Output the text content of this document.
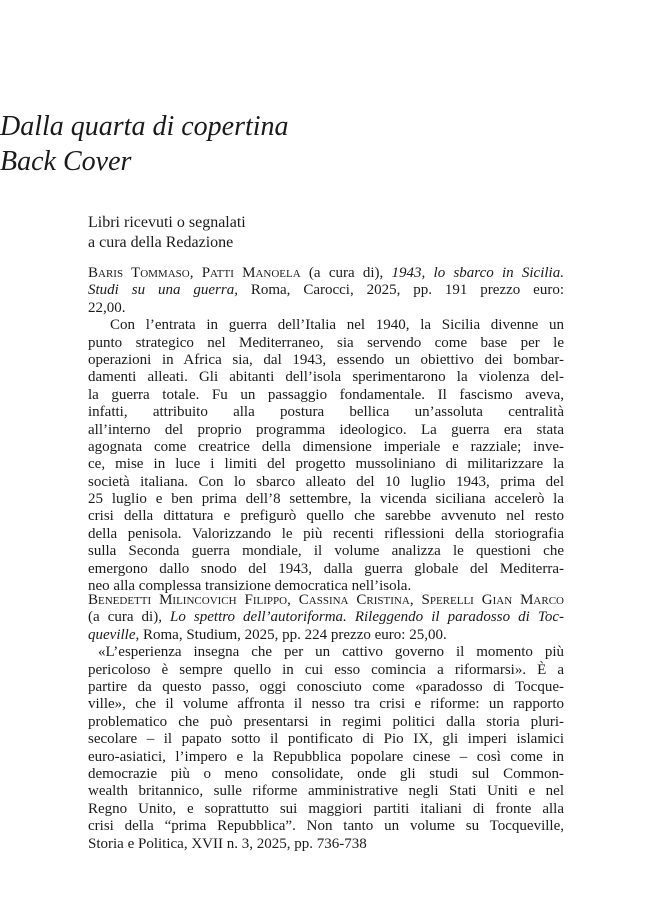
Dalla quarta di copertina
Back Cover
Libri ricevuti o segnalati
a cura della Redazione
Baris Tommaso, Patti Manoela (a cura di), 1943, lo sbarco in Sicilia.
Studi su una guerra, Roma, Carocci, 2025, pp. 191 prezzo euro:
22,00.
Con l’entrata in guerra dell’Italia nel 1940, la Sicilia divenne un
punto strategico nel Mediterraneo, sia servendo come base per le
operazioni in Africa sia, dal 1943, essendo un obiettivo dei bombar-
damenti alleati. Gli abitanti dell’isola sperimentarono la violenza del-
la guerra totale. Fu un passaggio fondamentale. Il fascismo aveva,
infatti, attribuito alla postura bellica un’assoluta centralità
all’interno del proprio programma ideologico. La guerra era stata
agognata come creatrice della dimensione imperiale e razziale; inve-
ce, mise in luce i limiti del progetto mussoliniano di militarizzare la
società italiana. Con lo sbarco alleato del 10 luglio 1943, prima del
25 luglio e ben prima dell’8 settembre, la vicenda siciliana accelerò la
crisi della dittatura e prefigurò quello che sarebbe avvenuto nel resto
della penisola. Valorizzando le più recenti riflessioni della storiografia
sulla Seconda guerra mondiale, il volume analizza le questioni che
emergono dallo snodo del 1943, dalla guerra globale del Mediterra-
neo alla complessa transizione democratica nell’isola.
Benedetti Milincovich Filippo, Cassina Cristina, Sperelli Gian Marco
(a cura di), Lo spettro dell’autoriforma. Rileggendo il paradosso di Toc-
queville, Roma, Studium, 2025, pp. 224 prezzo euro: 25,00.
«L’esperienza insegna che per un cattivo governo il momento più
pericoloso è sempre quello in cui esso comincia a riformarsi». È a
partire da questo passo, oggi conosciuto come «paradosso di Tocque-
ville», che il volume affronta il nesso tra crisi e riforme: un rapporto
problematico che può presentarsi in regimi politici dalla storia pluri-
secolare – il papato sotto il pontificato di Pio IX, gli imperi islamici
euro-asiatici, l’impero e la Repubblica popolare cinese – così come in
democrazie più o meno consolidate, onde gli studi sul Common-
wealth britannico, sulle riforme amministrative negli Stati Uniti e nel
Regno Unito, e soprattutto sui maggiori partiti italiani di fronte alla
crisi della “prima Repubblica”. Non tanto un volume su Tocqueville,
Storia e Politica, XVII n. 3, 2025, pp. 736-738
